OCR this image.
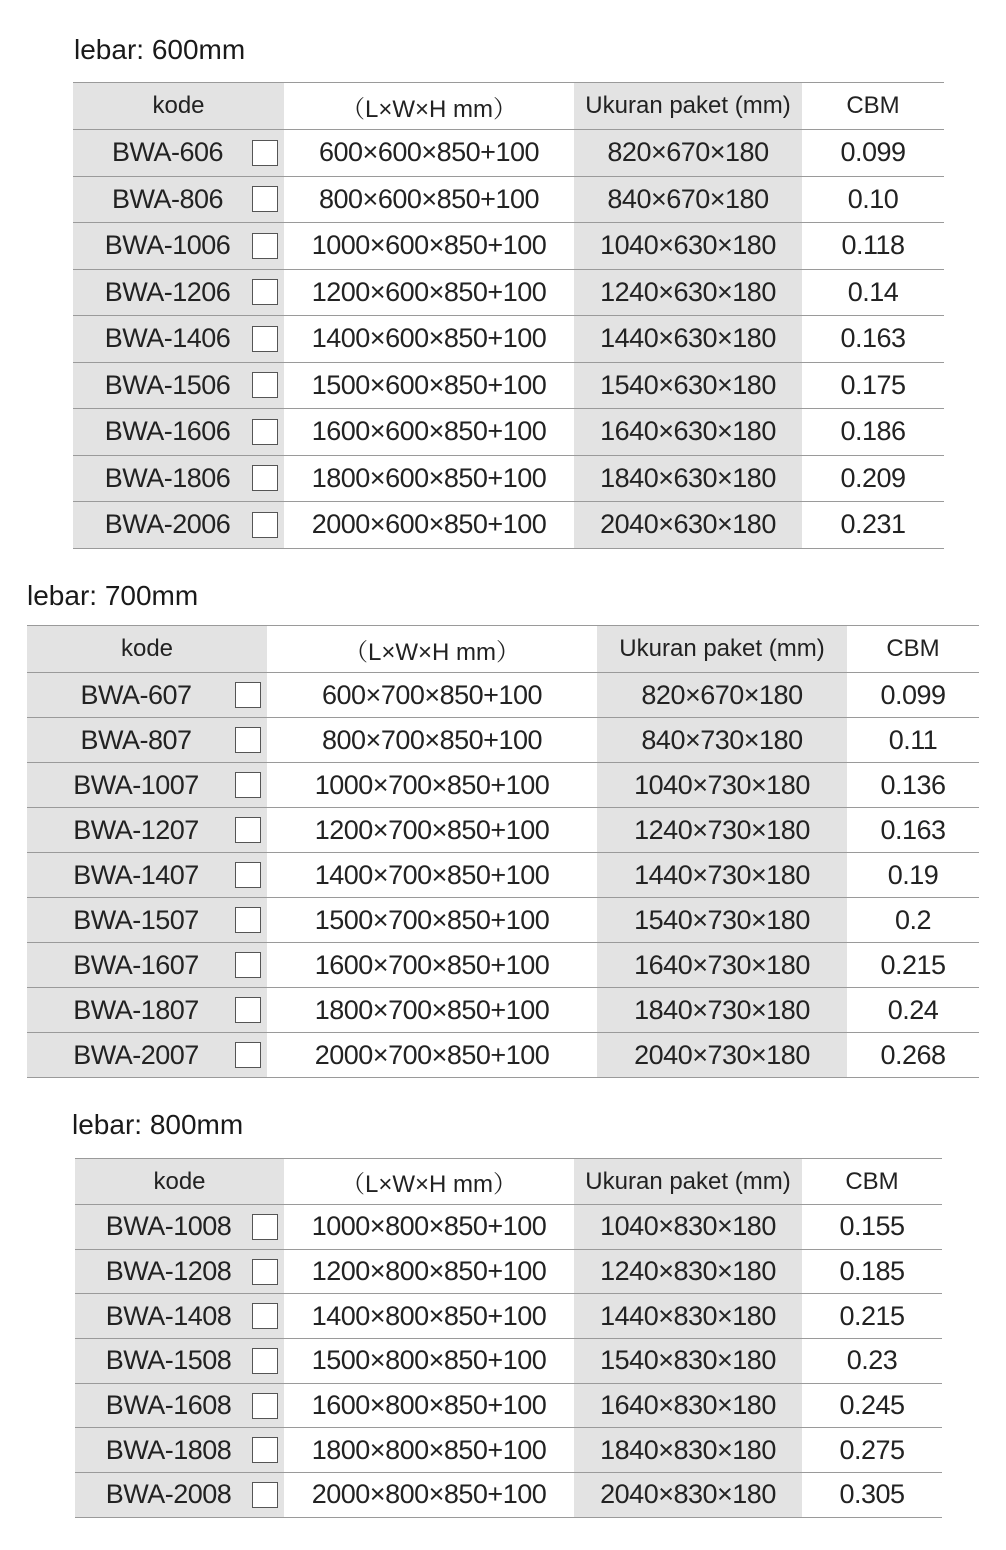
lebar: 600mm
kode	（L×W×H mm）	Ukuran paket (mm)	CBM

BWA-606	600×600×850+100	820×670×180	0.099

BWA-806	800×600×850+100	840×670×180	0.10

BWA-1006	1000×600×850+100	1040×630×180	0.118

BWA-1206	1200×600×850+100	1240×630×180	0.14

BWA-1406	1400×600×850+100	1440×630×180	0.163

BWA-1506	1500×600×850+100	1540×630×180	0.175

BWA-1606	1600×600×850+100	1640×630×180	0.186

BWA-1806	1800×600×850+100	1840×630×180	0.209

BWA-2006	2000×600×850+100	2040×630×180	0.231
lebar: 700mm
kode	（L×W×H mm）	Ukuran paket (mm)	CBM

BWA-607	600×700×850+100	820×670×180	0.099

BWA-807	800×700×850+100	840×730×180	0.11

BWA-1007	1000×700×850+100	1040×730×180	0.136

BWA-1207	1200×700×850+100	1240×730×180	0.163

BWA-1407	1400×700×850+100	1440×730×180	0.19

BWA-1507	1500×700×850+100	1540×730×180	0.2

BWA-1607	1600×700×850+100	1640×730×180	0.215

BWA-1807	1800×700×850+100	1840×730×180	0.24

BWA-2007	2000×700×850+100	2040×730×180	0.268
lebar: 800mm
kode	（L×W×H mm）	Ukuran paket (mm)	CBM

BWA-1008	1000×800×850+100	1040×830×180	0.155

BWA-1208	1200×800×850+100	1240×830×180	0.185

BWA-1408	1400×800×850+100	1440×830×180	0.215

BWA-1508	1500×800×850+100	1540×830×180	0.23

BWA-1608	1600×800×850+100	1640×830×180	0.245

BWA-1808	1800×800×850+100	1840×830×180	0.275

BWA-2008	2000×800×850+100	2040×830×180	0.305
